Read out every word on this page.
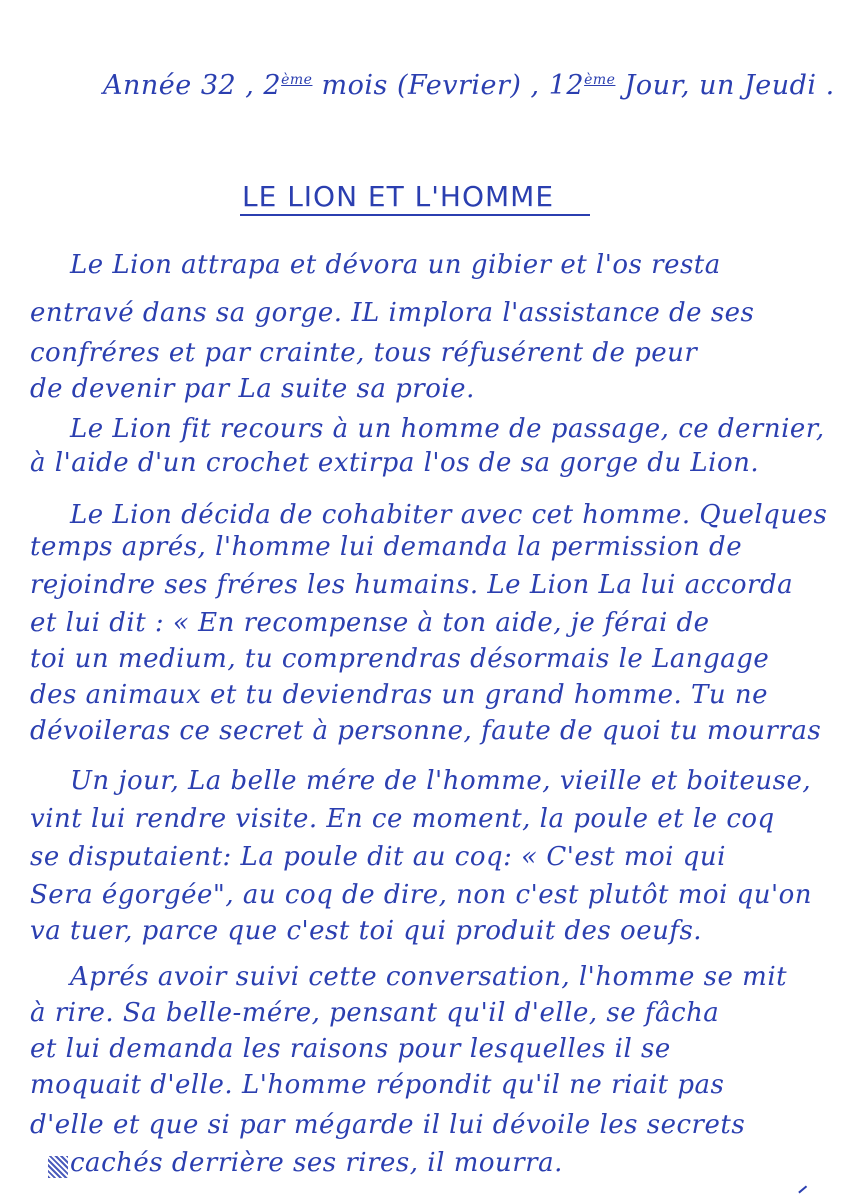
Année 32 , 2ème mois (Fevrier) , 12ème Jour, un Jeudi .
LE LION ET L'HOMME
Le Lion attrapa et dévora un gibier et l'os resta
entravé dans sa gorge. IL implora l'assistance de ses
confréres et par crainte, tous réfusérent de peur
de devenir par La suite sa proie.
Le Lion fit recours à un homme de passage, ce dernier,
à l'aide d'un crochet extirpa l'os de sa gorge du Lion.
Le Lion décida de cohabiter avec cet homme. Quelques
temps aprés, l'homme lui demanda la permission de
rejoindre ses fréres les humains. Le Lion La lui accorda
et lui dit : « En recompense à ton aide, je férai de
toi un medium, tu comprendras désormais le Langage
des animaux et tu deviendras un grand homme. Tu ne
dévoileras ce secret à personne, faute de quoi tu mourras
Un jour, La belle mére de l'homme, vieille et boiteuse,
vint lui rendre visite. En ce moment, la poule et le coq
se disputaient: La poule dit au coq: « C'est moi qui
Sera égorgée", au coq de dire, non c'est plutôt moi qu'on
va tuer, parce que c'est toi qui produit des oeufs.
Aprés avoir suivi cette conversation, l'homme se mit
à rire. Sa belle-mére, pensant qu'il d'elle, se fâcha
et lui demanda les raisons pour lesquelles il se
moquait d'elle. L'homme répondit qu'il ne riait pas
d'elle et que si par mégarde il lui dévoile les secrets
cachés derrière ses rires, il mourra.
